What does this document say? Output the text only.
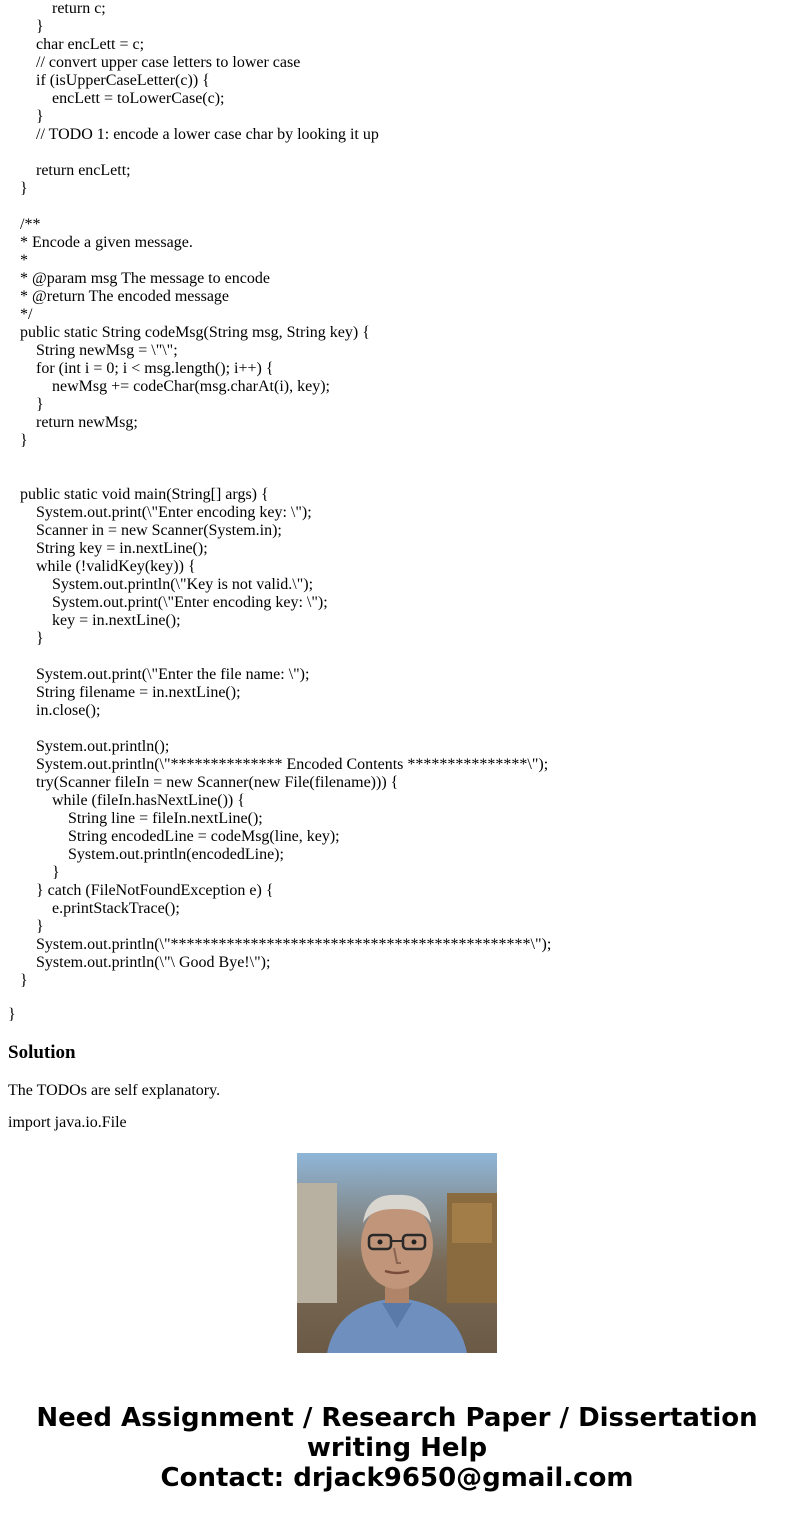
return c;
}
char encLett = c;
// convert upper case letters to lower case
if (isUpperCaseLetter(c)) {
encLett = toLowerCase(c);
}
// TODO 1: encode a lower case char by looking it up
return encLett;
}
/**
* Encode a given message.
*
* @param msg The message to encode
* @return The encoded message
*/
public static String codeMsg(String msg, String key) {
String newMsg = \"\";
for (int i = 0; i < msg.length(); i++) {
newMsg += codeChar(msg.charAt(i), key);
}
return newMsg;
}
public static void main(String[] args) {
System.out.print(\"Enter encoding key: \");
Scanner in = new Scanner(System.in);
String key = in.nextLine();
while (!validKey(key)) {
System.out.println(\"Key is not valid.\");
System.out.print(\"Enter encoding key: \");
key = in.nextLine();
}
System.out.print(\"Enter the file name: \");
String filename = in.nextLine();
in.close();
System.out.println();
System.out.println(\"************** Encoded Contents ***************\");
try(Scanner fileIn = new Scanner(new File(filename))) {
while (fileIn.hasNextLine()) {
String line = fileIn.nextLine();
String encodedLine = codeMsg(line, key);
System.out.println(encodedLine);
}
} catch (FileNotFoundException e) {
e.printStackTrace();
}
System.out.println(\"*********************************************\");
System.out.println(\"\ Good Bye!\");
}
}
Solution
The TODOs are self explanatory.
import java.io.File
Need Assignment / Research Paper / Dissertation
writing Help
Contact: drjack9650@gmail.com
